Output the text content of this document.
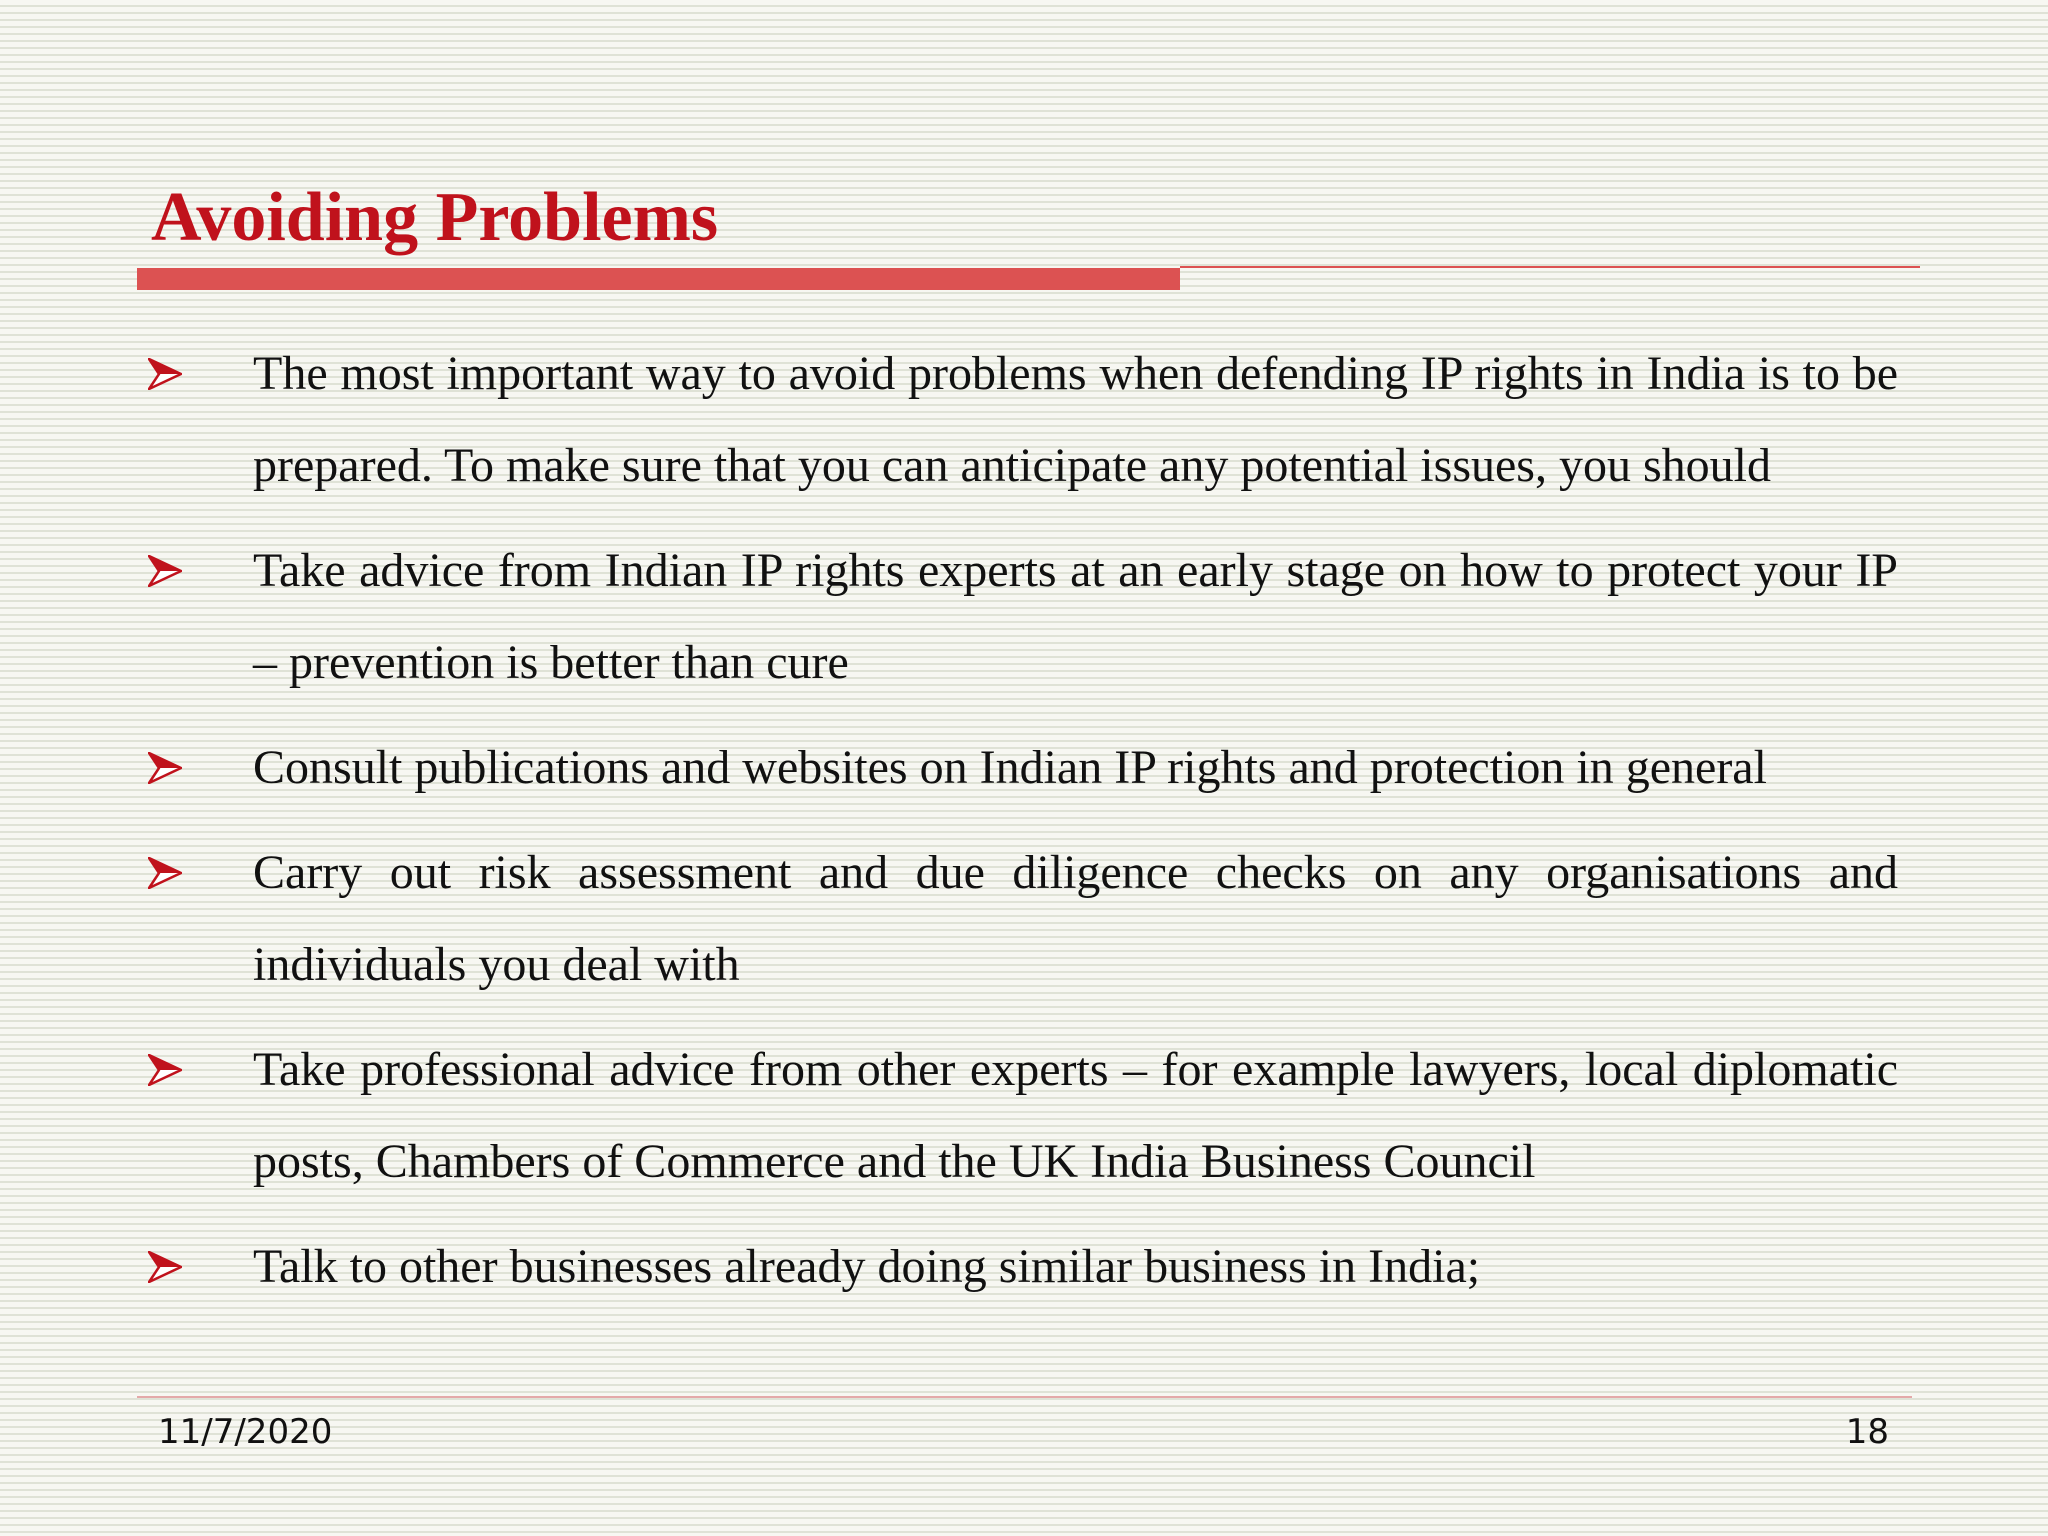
Avoiding Problems
The most important way to avoid problems when defending IP rights in India is to be prepared. To make sure that you can anticipate any potential issues, you should
Take advice from Indian IP rights experts at an early stage on how to protect your IP – prevention is better than cure
Consult publications and websites on Indian IP rights and protection in general
Carry out risk assessment and due diligence checks on any organisations and individuals you deal with
Take professional advice from other experts – for example lawyers, local diplomatic posts, Chambers of Commerce and the UK India Business Council
Talk to other businesses already doing similar business in India;
11/7/2020	18
